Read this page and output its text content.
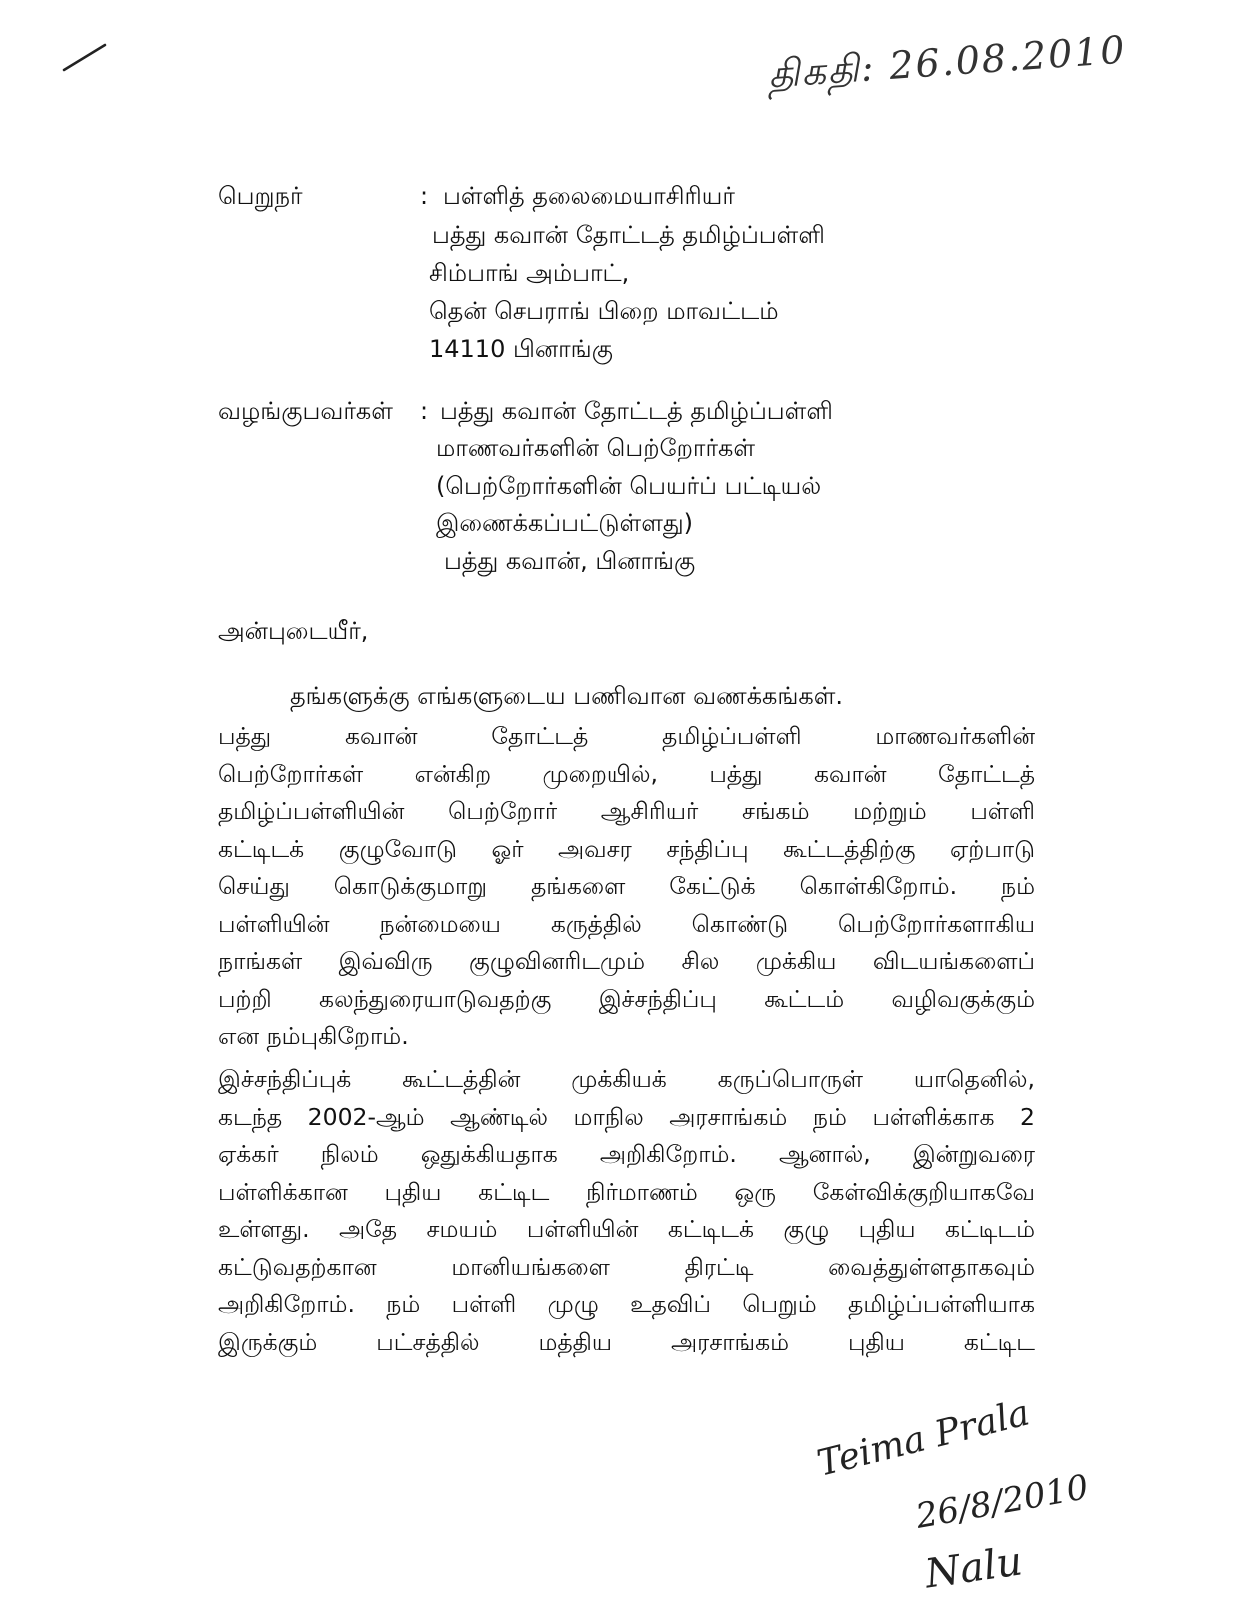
திகதி: 26.08.2010
பெறுநர்	: பள்ளித் தலைமையாசிரியர்
பத்து கவான் தோட்டத் தமிழ்ப்பள்ளி
சிம்பாங் அம்பாட்,
தென் செபராங் பிறை மாவட்டம்
14110 பினாங்கு
வழங்குபவர்கள் : பத்து கவான் தோட்டத் தமிழ்ப்பள்ளி
மாணவர்களின் பெற்றோர்கள்
(பெற்றோர்களின் பெயர்ப் பட்டியல்
இணைக்கப்பட்டுள்ளது)
பத்து கவான், பினாங்கு
அன்புடையீர்,
தங்களுக்கு எங்களுடைய பணிவான வணக்கங்கள்.
பத்து கவான் தோட்டத் தமிழ்ப்பள்ளி மாணவர்களின்
பெற்றோர்கள் என்கிற முறையில், பத்து கவான் தோட்டத்
தமிழ்ப்பள்ளியின் பெற்றோர் ஆசிரியர் சங்கம் மற்றும் பள்ளி
கட்டிடக் குழுவோடு ஓர் அவசர சந்திப்பு கூட்டத்திற்கு ஏற்பாடு
செய்து கொடுக்குமாறு தங்களை கேட்டுக் கொள்கிறோம். நம்
பள்ளியின் நன்மையை கருத்தில் கொண்டு பெற்றோர்களாகிய
நாங்கள் இவ்விரு குழுவினரிடமும் சில முக்கிய விடயங்களைப்
பற்றி கலந்துரையாடுவதற்கு இச்சந்திப்பு கூட்டம் வழிவகுக்கும்
என நம்புகிறோம்.
இச்சந்திப்புக் கூட்டத்தின் முக்கியக் கருப்பொருள் யாதெனில்,
கடந்த 2002-ஆம் ஆண்டில் மாநில அரசாங்கம் நம் பள்ளிக்காக 2
ஏக்கர் நிலம் ஒதுக்கியதாக அறிகிறோம். ஆனால், இன்றுவரை
பள்ளிக்கான புதிய கட்டிட நிர்மாணம் ஒரு கேள்விக்குறியாகவே
உள்ளது. அதே சமயம் பள்ளியின் கட்டிடக் குழு புதிய கட்டிடம்
கட்டுவதற்கான மானியங்களை திரட்டி வைத்துள்ளதாகவும்
அறிகிறோம். நம் பள்ளி முழு உதவிப் பெறும் தமிழ்ப்பள்ளியாக
இருக்கும் பட்சத்தில் மத்திய அரசாங்கம் புதிய கட்டிட
Teima Prala
26/8/2010
Nalu
